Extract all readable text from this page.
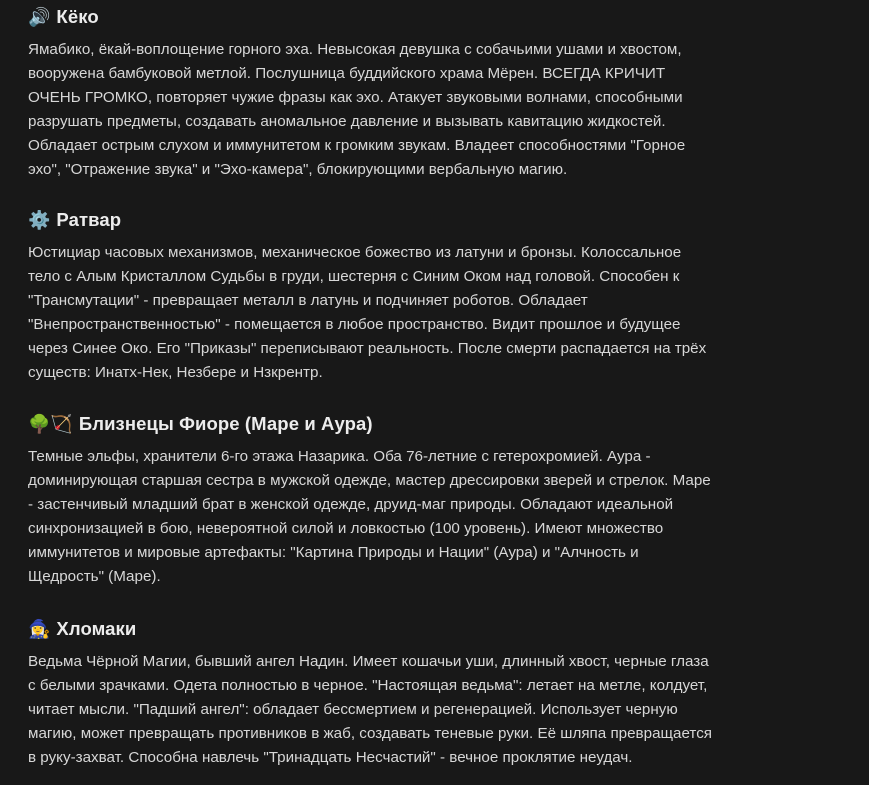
🔊 Кёко

Ямабико, ёкай-воплощение горного эха. Невысокая девушка с собачьими ушами и хвостом,
вооружена бамбуковой метлой. Послушница буддийского храма Мёрен. ВСЕГДА КРИЧИТ
ОЧЕНЬ ГРОМКО, повторяет чужие фразы как эхо. Атакует звуковыми волнами, способными
разрушать предметы, создавать аномальное давление и вызывать кавитацию жидкостей.
Обладает острым слухом и иммунитетом к громким звукам. Владеет способностями "Горное
эхо", "Отражение звука" и "Эхо-камера", блокирующими вербальную магию.

⚙️ Ратвар

Юстициар часовых механизмов, механическое божество из латуни и бронзы. Колоссальное
тело с Алым Кристаллом Судьбы в груди, шестерня с Синим Оком над головой. Способен к
"Трансмутации" - превращает металл в латунь и подчиняет роботов. Обладает
"Внепространственностью" - помещается в любое пространство. Видит прошлое и будущее
через Синее Око. Его "Приказы" переписывают реальность. После смерти распадается на трёх
существ: Инатх-Нек, Незбере и Нзкрентр.

🌳🏹 Близнецы Фиоре (Маре и Аура)

Темные эльфы, хранители 6-го этажа Назарика. Оба 76-летние с гетерохромией. Аура -
доминирующая старшая сестра в мужской одежде, мастер дрессировки зверей и стрелок. Маре
- застенчивый младший брат в женской одежде, друид-маг природы. Обладают идеальной
синхронизацией в бою, невероятной силой и ловкостью (100 уровень). Имеют множество
иммунитетов и мировые артефакты: "Картина Природы и Нации" (Аура) и "Алчность и
Щедрость" (Маре).

🧙‍♀️ Хломаки

Ведьма Чёрной Магии, бывший ангел Надин. Имеет кошачьи уши, длинный хвост, черные глаза
с белыми зрачками. Одета полностью в черное. "Настоящая ведьма": летает на метле, колдует,
читает мысли. "Падший ангел": обладает бессмертием и регенерацией. Использует черную
магию, может превращать противников в жаб, создавать теневые руки. Её шляпа превращается
в руку-захват. Способна навлечь "Тринадцать Несчастий" - вечное проклятие неудач.
